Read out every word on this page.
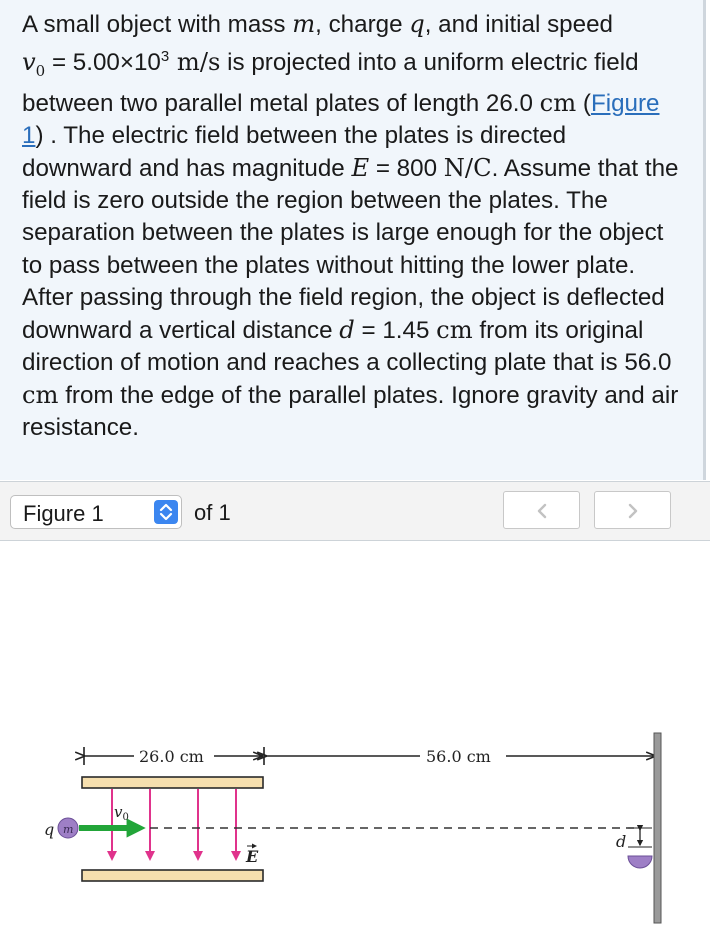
A small object with mass m, charge q, and initial speed
$v_0 = 5.00\times 10^3$ m/s is projected into a uniform electric field between two parallel metal plates of length 26.0 cm (Figure 1) . The electric field between the plates is directed downward and has magnitude E = 800 N/C. Assume that the field is zero outside the region between the plates. The separation between the plates is large enough for the object to pass between the plates without hitting the lower plate. After passing through the field region, the object is deflected downward a vertical distance d = 1.45 cm from its original direction of motion and reaches a collecting plate that is 56.0 cm from the edge of the parallel plates. Ignore gravity and air resistance.
Figure 1	of 1
26.0 cm	56.0 cm
m
q
$v_0$
E
d
